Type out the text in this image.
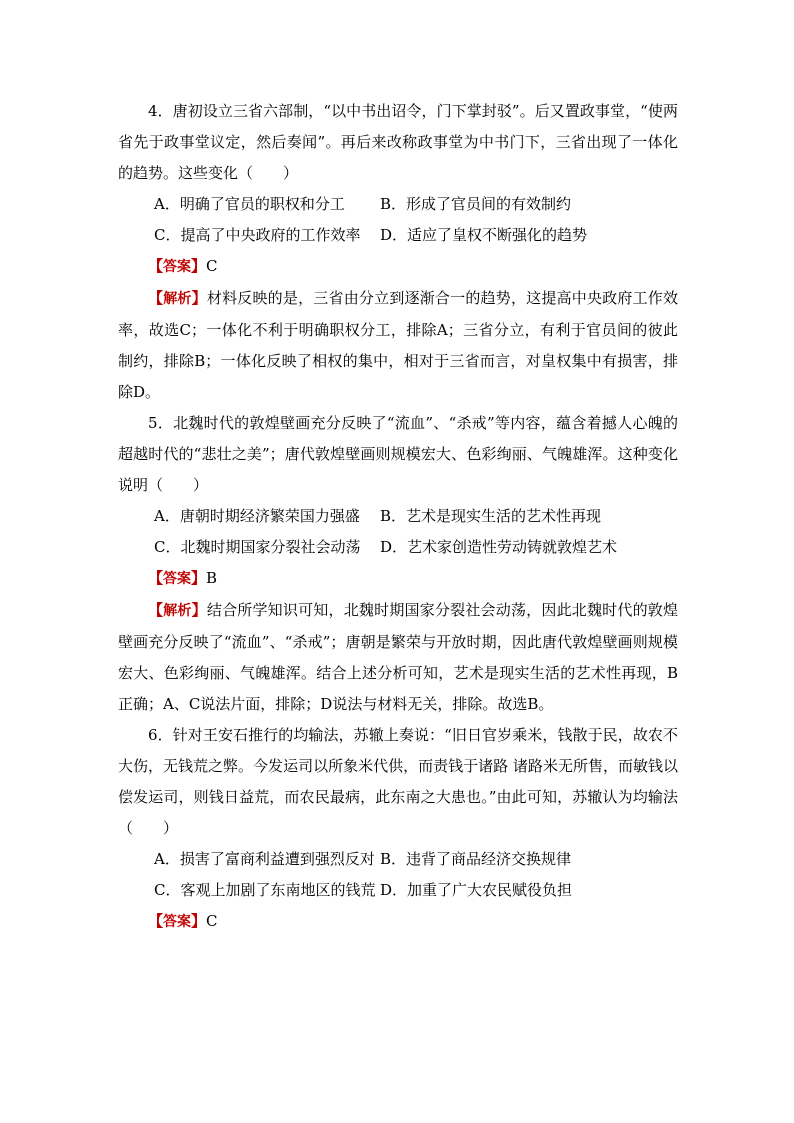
4．唐初设立三省六部制，“以中书出诏令，门下掌封驳”。后又置政事堂，“使两省先于政事堂议定，然后奏闻”。再后来改称政事堂为中书门下，三省出现了一体化的趋势。这些变化（　　）

A．明确了官员的职权和分工 B．形成了官员间的有效制约

C．提高了中央政府的工作效率 D．适应了皇权不断强化的趋势

【答案】C

【解析】材料反映的是，三省由分立到逐渐合一的趋势，这提高中央政府工作效率，故选C；一体化不利于明确职权分工，排除A；三省分立，有利于官员间的彼此制约，排除B；一体化反映了相权的集中，相对于三省而言，对皇权集中有损害，排除D。

5．北魏时代的敦煌壁画充分反映了“流血”、“杀戒”等内容，蕴含着撼人心魄的超越时代的“悲壮之美”；唐代敦煌壁画则规模宏大、色彩绚丽、气魄雄浑。这种变化说明（　　）

A．唐朝时期经济繁荣国力强盛 B．艺术是现实生活的艺术性再现

C．北魏时期国家分裂社会动荡 D．艺术家创造性劳动铸就敦煌艺术

【答案】B

【解析】结合所学知识可知，北魏时期国家分裂社会动荡，因此北魏时代的敦煌壁画充分反映了“流血”、“杀戒”；唐朝是繁荣与开放时期，因此唐代敦煌壁画则规模宏大、色彩绚丽、气魄雄浑。结合上述分析可知，艺术是现实生活的艺术性再现，B正确；A、C说法片面，排除；D说法与材料无关，排除。故选B。

6．针对王安石推行的均输法，苏辙上奏说：“旧日官岁乘米，钱散于民，故农不大伤，无钱荒之弊。今发运司以所象米代供，而责钱于诸路 诸路米无所售，而敏钱以偿发运司，则钱日益荒，而农民最病，此东南之大患也。”由此可知，苏辙认为均输法（　　）

A．损害了富商利益遭到强烈反对 B．违背了商品经济交换规律

C．客观上加剧了东南地区的钱荒 D．加重了广大农民赋役负担

【答案】C
